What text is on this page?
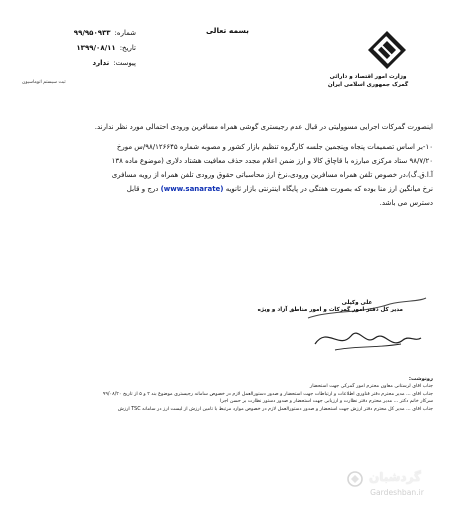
بسمه تعالی
وزارت امور اقتصاد و دارائی
گمرک جمهوری اسلامی ایران
شماره:
۹۹/۹۵۰۹۳۳
تاریخ:
۱۳۹۹/۰۸/۱۱
پیوست:
ندارد
ثبت سیستم اتوماسیون

اینصورت گمرکات اجرایی مسوولیتی در قبال عدم رجیستری گوشی همراه مسافرین ورودی احتمالی مورد نظر ندارند.

۱۰-بر اساس تصمیمات پنجاه وپنجمین جلسه کارگروه تنظیم بازار کشور و مصوبه شماره ۹۸/۱۲۶۶۴۵/س مورخ

۹۸/۷/۲۰ ستاد مرکزی مبارزه با قاچاق کالا و ارز ضمن اعلام مجدد حذف معافیت هشتاد دلاری (موضوع ماده ۱۳۸

آ.ا.ق.گ)،در خصوص تلفن همراه مسافرین ورودی،نرخ ارز محاسباتی حقوق ورودی تلفن همراه از رویه مسافری

نرخ میانگین ارز منا بوده که بصورت هفتگی در پایگاه اینترنتی بازار ثانویه (www.sanarate) درج و قابل

دسترس می باشد.

علی وکیلی
مدیر کل دفتر امور گمرکات و امور مناطق آزاد و ویژه
رونوشت:
جناب آقای لرستانی معاون محترم امور گمرکی جهت استحضار
جناب آقای ... مدیر محترم دفتر فناوری اطلاعات و ارتباطات جهت استحضار و صدور دستورالعمل لازم در خصوص سامانه رجیستری موضوع بند ۲ و ۵ از تاریخ ۹۹/۰۸/۲۰
سرکار خانم دکتر ... مدیر محترم دفتر نظارت و ارزیابی جهت استحضار و صدور دستور نظارت بر حسن اجرا
جناب آقای ... مدیر کل محترم دفتر ارزش جهت استحضار و صدور دستورالعمل لازم در خصوص موارد مرتبط با تامین ارزش از لیست ارز در سامانه TSC ارزش
گردشبان
Gardeshban.ir
